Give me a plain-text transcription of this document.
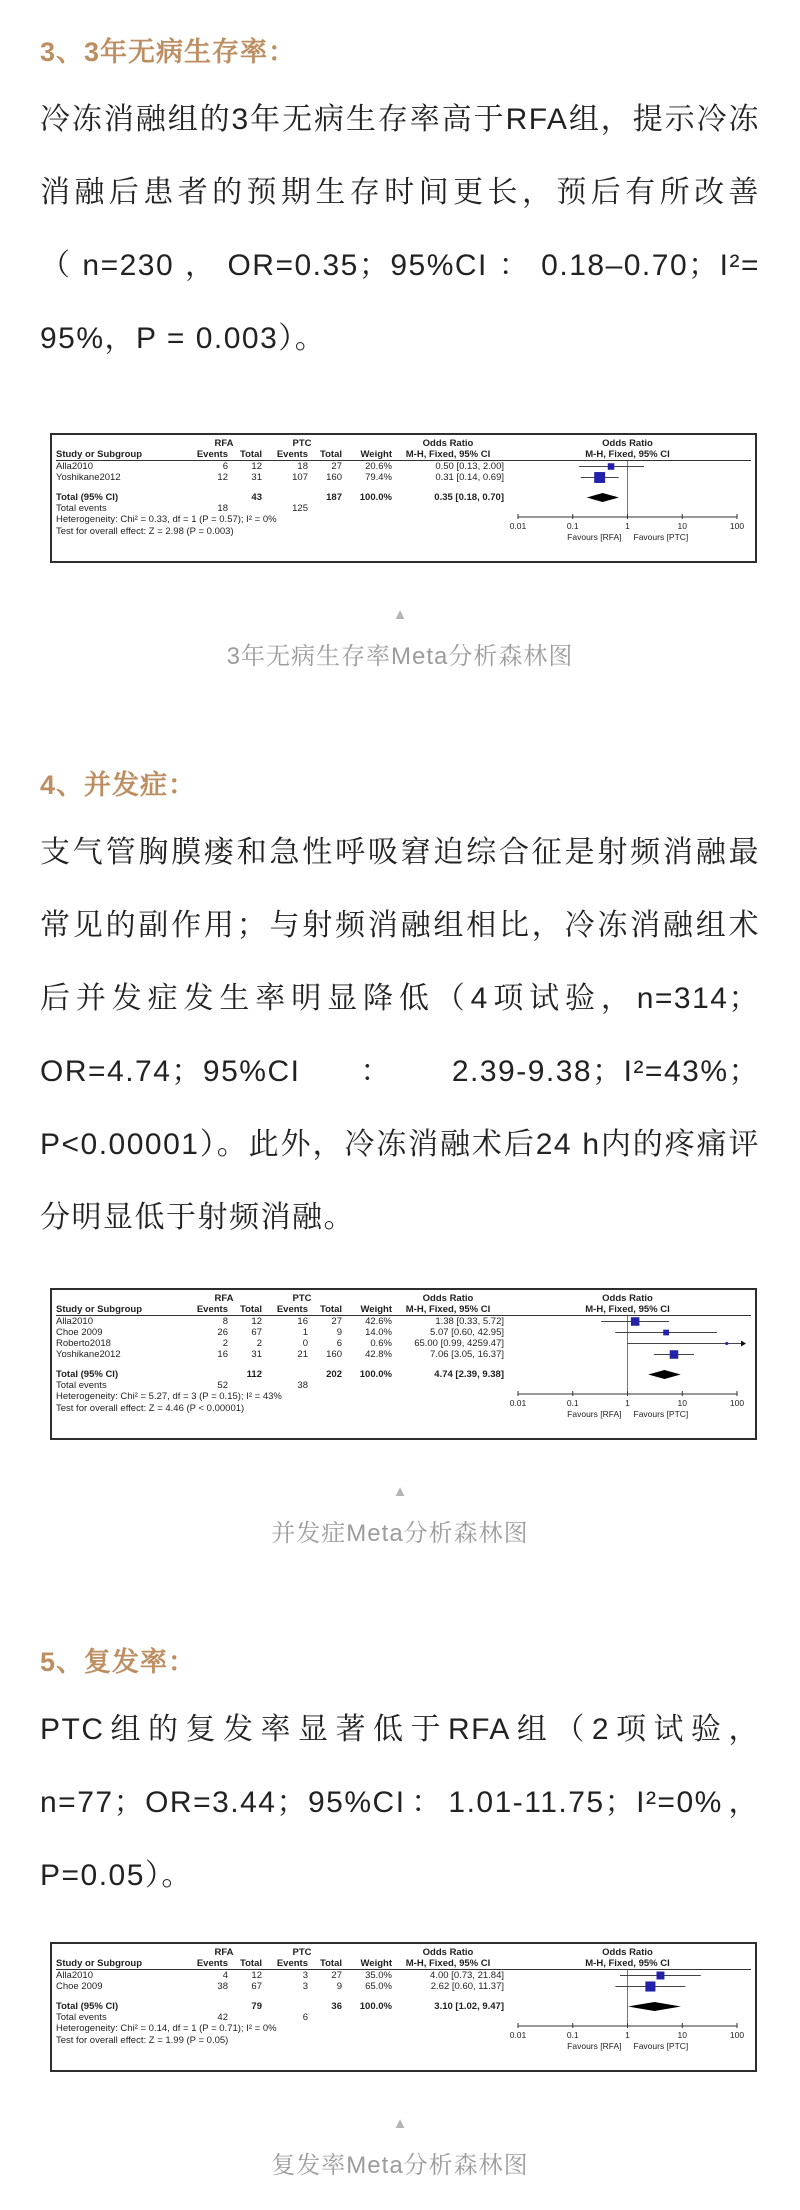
3、3年无病生存率：

冷冻消融组的3年无病生存率高于RFA组，提示冷冻消融后患者的预期生存时间更长，预后有所改善（n=230，OR=0.35；95%CI：0.18–0.70；I²= 95%，P = 0.003）。

RFA	PTC	Odds Ratio	Odds Ratio
Study or Subgroup	Events	Total	Events	Total	Weight	M-H, Fixed, 95% CI	M-H, Fixed, 95% CI
Alla2010	6	12	18	27	20.6%	0.50 [0.13, 2.00]
Yoshikane2012	12	31	107	160	79.4%	0.31 [0.14, 0.69]
Total (95% CI)	43	187	100.0%	0.35 [0.18, 0.70]
Total events	18	125
Heterogeneity: Chi² = 0.33, df = 1 (P = 0.57); I² = 0%
Test for overall effect: Z = 2.98 (P = 0.003)	0.01	0.1	1	10	100
Favours [RFA] Favours [PTC]
▲
3年无病生存率Meta分析森林图
4、并发症：

支气管胸膜瘘和急性呼吸窘迫综合征是射频消融最常见的副作用；与射频消融组相比，冷冻消融组术后并发症发生率明显降低（4项试验，n=314；OR=4.74；95%CI：2.39-9.38；I²=43%；P<0.00001）。此外，冷冻消融术后24 h内的疼痛评分明显低于射频消融。

RFA	PTC	Odds Ratio	Odds Ratio
Study or Subgroup	Events	Total	Events	Total	Weight	M-H, Fixed, 95% CI	M-H, Fixed, 95% CI
Alla2010	8	12	16	27	42.6%	1.38 [0.33, 5.72]
Choe 2009	26	67	1	9	14.0%	5.07 [0.60, 42.95]
Roberto2018	2	2	0	6	0.6%	65.00 [0.99, 4259.47]
Yoshikane2012	16	31	21	160	42.8%	7.06 [3.05, 16.37]
Total (95% CI)	112	202	100.0%	4.74 [2.39, 9.38]
Total events	52	38
Heterogeneity: Chi² = 5.27, df = 3 (P = 0.15); I² = 43%
Test for overall effect: Z = 4.46 (P < 0.00001)	0.01	0.1	1	10	100
Favours [RFA] Favours [PTC]
▲
并发症Meta分析森林图
5、复发率：

PTC组的复发率显著低于RFA组（2项试验，n=77；OR=3.44；95%CI：1.01-11.75；I²=0%，P=0.05）。

RFA	PTC	Odds Ratio	Odds Ratio
Study or Subgroup	Events	Total	Events	Total	Weight	M-H, Fixed, 95% CI	M-H, Fixed, 95% CI
Alla2010	4	12	3	27	35.0%	4.00 [0.73, 21.84]
Choe 2009	38	67	3	9	65.0%	2.62 [0.60, 11.37]
Total (95% CI)	79	36	100.0%	3.10 [1.02, 9.47]
Total events	42	6
Heterogeneity: Chi² = 0.14, df = 1 (P = 0.71); I² = 0%
Test for overall effect: Z = 1.99 (P = 0.05)	0.01	0.1	1	10	100
Favours [RFA] Favours [PTC]
▲
复发率Meta分析森林图
